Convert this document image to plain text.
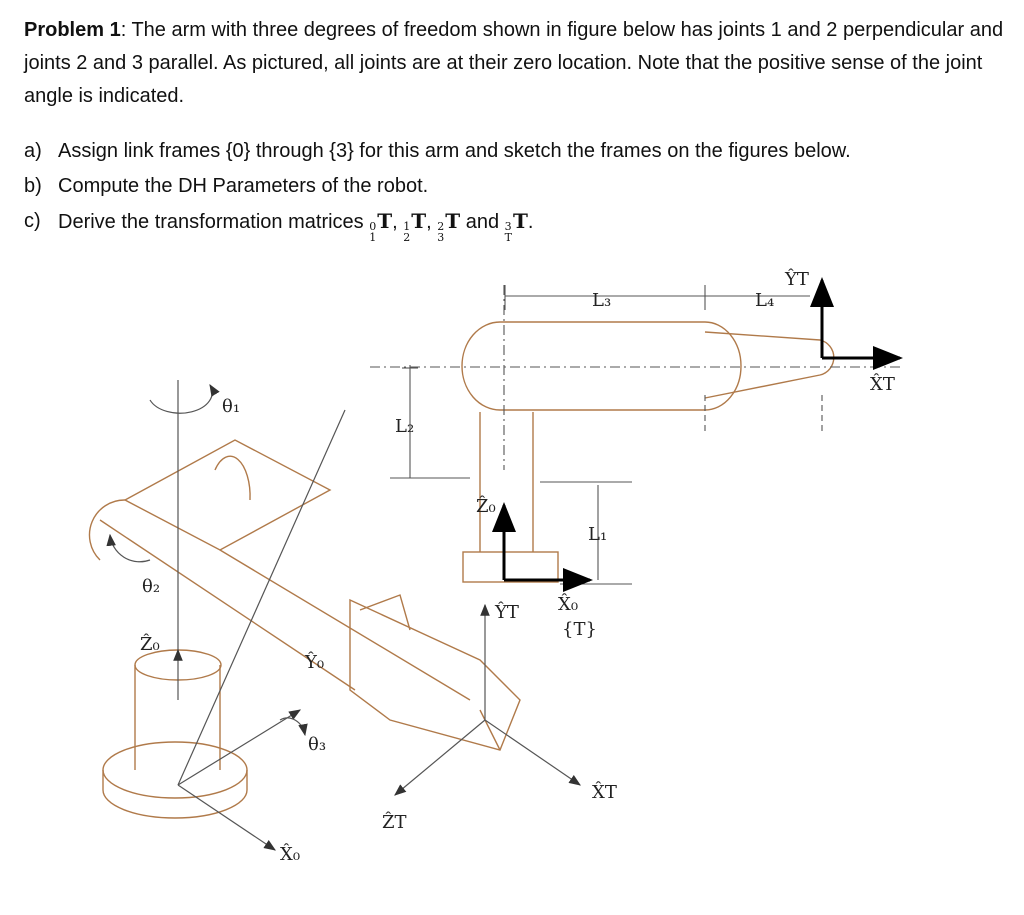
Problem 1: The arm with three degrees of freedom shown in figure below has joints 1 and 2 perpendicular and joints 2 and 3 parallel. As pictured, all joints are at their zero location. Note that the positive sense of the joint angle is indicated.
a) Assign link frames {0} through {3} for this arm and sketch the frames on the figures below.
b) Compute the DH Parameters of the robot.
c) Derive the transformation matrices 0
1
T, 1
2
T, 2
3
T and 3
T
T.
θ₁
θ₂
θ₃
Ẑ₀
Ŷ₀
X̂₀
ẐT
X̂T
ŶT
L₂
L₁
L₃	L₄
Ẑ₀
X̂₀
{T}
ŶT
X̂T
